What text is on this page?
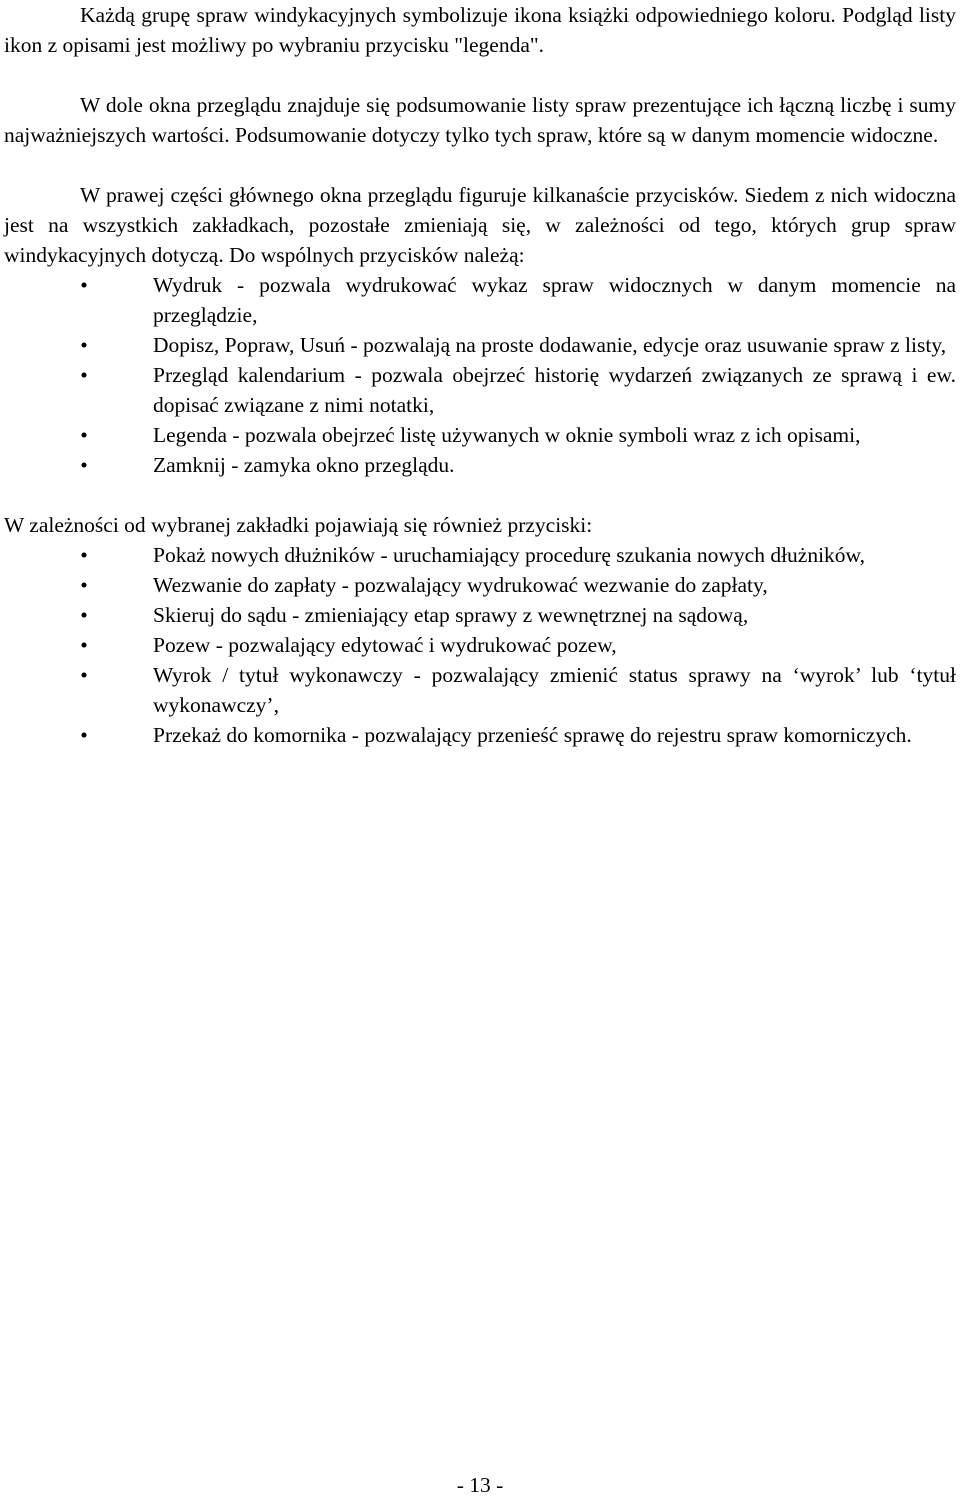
Każdą grupę spraw windykacyjnych symbolizuje ikona książki odpowiedniego koloru. Podgląd listy ikon z opisami jest możliwy po wybraniu przycisku "legenda".

W dole okna przeglądu znajduje się podsumowanie listy spraw prezentujące ich łączną liczbę i sumy najważniejszych wartości. Podsumowanie dotyczy tylko tych spraw, które są w danym momencie widoczne.

W prawej części głównego okna przeglądu figuruje kilkanaście przycisków. Siedem z nich widoczna jest na wszystkich zakładkach, pozostałe zmieniają się, w zależności od tego, których grup spraw windykacyjnych dotyczą. Do wspólnych przycisków należą:

•	Wydruk - pozwala wydrukować wykaz spraw widocznych w danym momencie na przeglądzie,
•	Dopisz, Popraw, Usuń - pozwalają na proste dodawanie, edycje oraz usuwanie spraw z listy,
•	Przegląd kalendarium - pozwala obejrzeć historię wydarzeń związanych ze sprawą i ew. dopisać związane z nimi notatki,
•	Legenda - pozwala obejrzeć listę używanych w oknie symboli wraz z ich opisami,
•	Zamknij - zamyka okno przeglądu.

W zależności od wybranej zakładki pojawiają się również przyciski:

•	Pokaż nowych dłużników - uruchamiający procedurę szukania nowych dłużników,
•	Wezwanie do zapłaty - pozwalający wydrukować wezwanie do zapłaty,
•	Skieruj do sądu - zmieniający etap sprawy z wewnętrznej na sądową,
•	Pozew - pozwalający edytować i wydrukować pozew,
•	Wyrok / tytuł wykonawczy - pozwalający zmienić status sprawy na ‘wyrok’ lub ‘tytuł wykonawczy’,
•	Przekaż do komornika - pozwalający przenieść sprawę do rejestru spraw komorniczych.
- 13 -
